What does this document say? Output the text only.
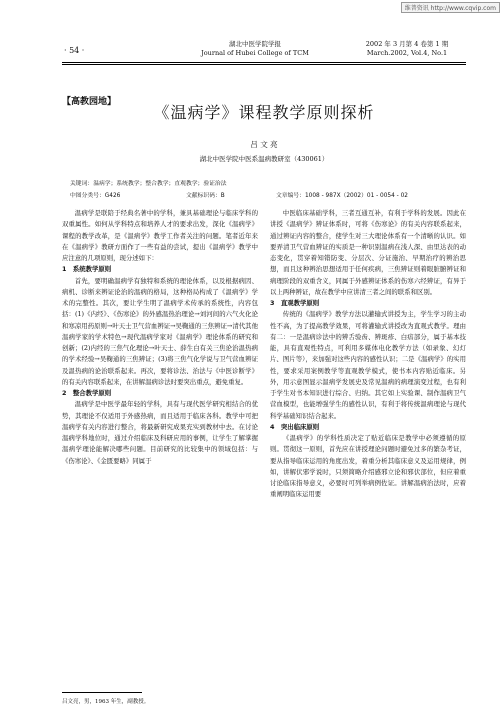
维普资讯 http://www.cqvip.com
· 54 ·
湖北中医学院学报
Journal of Hubei College of TCM
2002 年 3 月第 4 卷第 1 期
March.2002, Vol.4, No.1
【高教园地】
《温病学》课程教学原则探析
吕 文 亮
湖北中医学院中医系温病教研室（430061）
关键词：温病学；系统教学；整合教学；直观教学；验证治法
中图分类号：G426	文献标识码：B	文章编号：1008 - 987X（2002）01 - 0054 - 02

温病学是联陪于经典名著中的学科，兼具基础理论与临床学科的双重属性。如何从学科特点和培养人才的要求出发，深化《温病学》课程的教学改革，是《温病学》教学工作者关注的问题。笔者近年来在《温病学》教研方面作了一些有益的尝试，提出《温病学》教学中应注意的几项原则，现分述如下：

1　系统教学原则

首先，要明确温病学有独特和系统的理论体系，以及根据病因、病机、诊断来辨证论治的温病的格局，这种格局构成了《温病学》学术的完整性。其次，要让学生明了温病学术传承的系统性，内容包括：(1)《内经》、《伤寒论》的外感温热治理论→刘河间的六气火化论和寒凉用药原则→叶天士卫气营血辨证→吴鞠通的三焦辨证→清代其他温病学家的学术特色→现代温病学家对《温病学》理论体系的研究和创新；(2)内经的三焦气化理论→叶天士、薛生白有关三焦论治温热病的学术经验→吴鞠通的三焦辨证；(3)将三焦气化学说与卫气营血辨证及温热病的论治联系起来。再次，要将诊法、治法与《中医诊断学》的有关内容联系起来，在讲解温病诊法时要突出重点，避免重复。

2　整合教学原则

温病学是中医学最年轻的学科，具有与现代医学研究相结合的优势，其理论不仅适用于外感热病，而且适用于临床各科。教学中可把温病学有关内容进行整合，将最新研究成果充实到教材中去。在讨论温病学科地位时，通过介绍临床及科研应用的事例，让学生了解掌握温病学理论能解决哪些问题。目前研究的比较集中的领域包括：与《伤寒论》、《金匮要略》同属于

中医临床基础学科，三者互通互补，有利于学科的发展。因此在讲授《温病学》辨证体系时，可将《伤寒论》的有关内容联系起来，通过辨证内容的整合，使学生对三大理论体系有一个清晰的认识。如要弄清卫气营血辨证的实质是一种识别温病在浅人深、由里达表的动态变化，贯穿着知错防变、分层次、分证施治、早期治疗的辨治思想，而且这种辨治思想适用于任何疾病，三焦辨证则着眼脏腑辨证和病理阶段的双重含义，同属于外感辨证体系的伤寒六经辨证，有异于以上两种辨证，故在教学中应讲清三者之间的联系和区别。

3　直观教学原则

传统的《温病学》教学方法以灌输式讲授为主，学生学习的主动性不高，为了提高教学效果，可将灌输式讲授改为直观式教学。理由有二：一是温病诊法中的辨舌验齿、辨斑疹、白痦部分，属于基本技能，具有直观性特点，可利用多媒体电化教学方法（如录象、幻灯片、图片等），来加强对这些内容的感性认识；二是《温病学》的实用性，要求采用案例教学等直观教学模式，使书本内容贴近临床。另外，用示意图显示温病学发展史及常见温病的病理演变过程，也有利于学生对书本知识进行综合、归纳。其它如上实验课、制作温病卫气营血模型，也能增强学生的感性认识，有利于将传统温病理论与现代科学基础知识结合起来。

4　突出临床原则

《温病学》的学科性质决定了贴近临床是教学中必须遵循的原则。贯彻这一原则，首先应在讲授理论问题时避免过多的繁杂考证，要从指导临床运用的角度出发，着重分析其临床意义及运用规律，例如，讲解伏邪学说时，只须简略介绍感邪立论和邪伏部位，但应着重讨论临床指导意义，必要时可列举病例佐证。讲解温病治法时，应着重阐明临床运用要

吕文亮，男，1963 年生，副教授。
